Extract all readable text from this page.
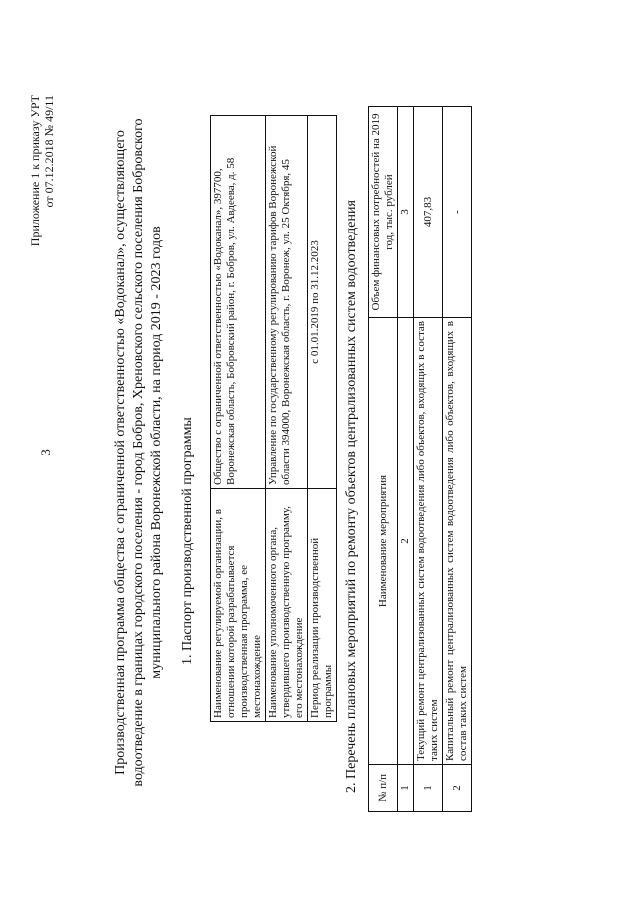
3
Приложение 1 к приказу УРТ от 07.12.2018 № 49/11	Производственная программа общества с ограниченной ответственностью «Водоканал», осуществляющего водоотведение в границах городского поселения - город Бобров, Хреновского сельского поселения Бобровского муниципального района Воронежской области, на период 2019 - 2023 годов 1. Паспорт производственной программы Наименование регулируемой организации, в отношении которой разрабатывается производственная программа, ее местонахождение	Общество с ограниченной ответственностью «Водоканал», 397700, Воронежская область, Бобровский район, г. Бобров, ул. Авдеева, д. 58
Наименование уполномоченного органа, утвердившего производственную программу, его местонахождение	Управление по государственному регулированию тарифов Воронежской области 394000, Воронежская область, г. Воронеж, ул. 25 Октября, 45
Период реализации производственной программы	с 01.01.2019 по 31.12.2023 2. Перечень плановых мероприятий по ремонту объектов централизованных систем водоотведения № п/п	Наименование мероприятия	Объем финансовых потребностей на 2019 год, тыс. рублей
1	2	3
1	Текущий ремонт централизованных систем водоотведения либо объектов, входящих в состав таких систем	407,83
2	Капитальный ремонт централизованных систем водоотведения либо объектов, входящих в состав таких систем	-
